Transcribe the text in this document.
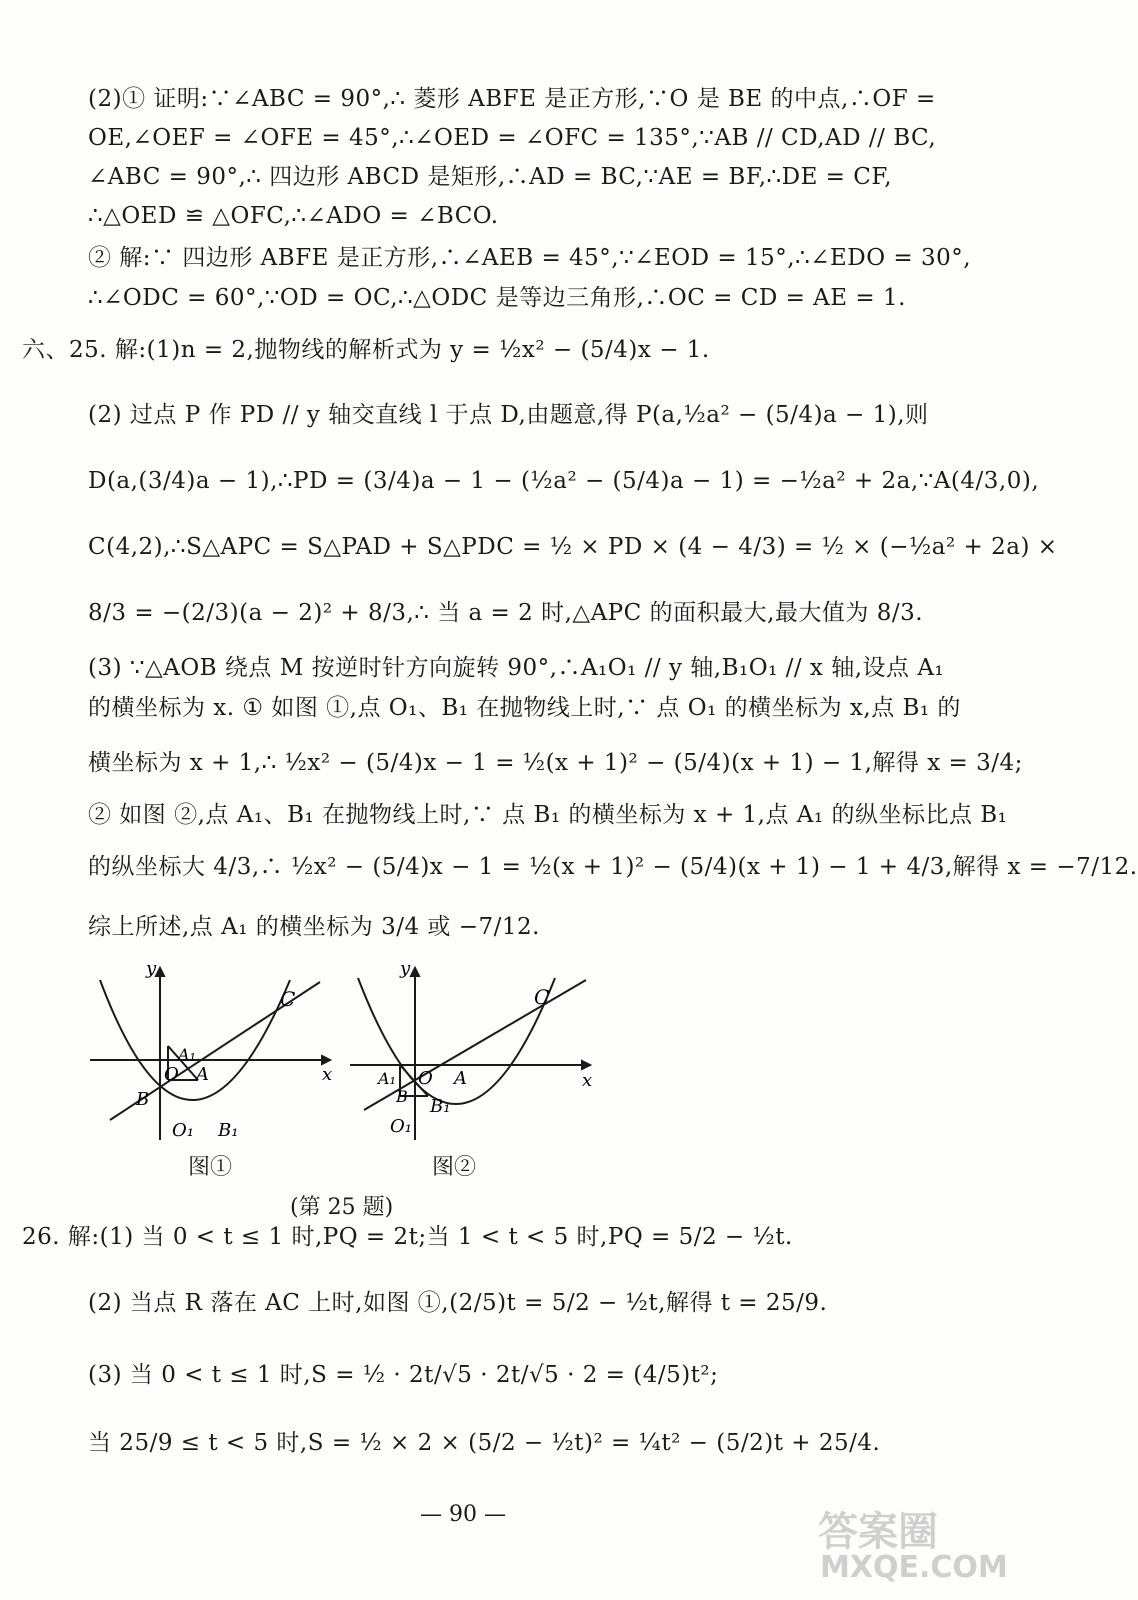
(2)① 证明:∵∠ABC = 90°,∴ 菱形 ABFE 是正方形,∵O 是 BE 的中点,∴OF =
OE,∠OEF = ∠OFE = 45°,∴∠OED = ∠OFC = 135°,∵AB // CD,AD // BC,
∠ABC = 90°,∴ 四边形 ABCD 是矩形,∴AD = BC,∵AE = BF,∴DE = CF,
∴△OED ≌ △OFC,∴∠ADO = ∠BCO.
② 解:∵ 四边形 ABFE 是正方形,∴∠AEB = 45°,∵∠EOD = 15°,∴∠EDO = 30°,
∴∠ODC = 60°,∵OD = OC,∴△ODC 是等边三角形,∴OC = CD = AE = 1.
六、25. 解:(1)n = 2,抛物线的解析式为 y = ½x² − (5/4)x − 1.
(2) 过点 P 作 PD // y 轴交直线 l 于点 D,由题意,得 P(a,½a² − (5/4)a − 1),则
D(a,(3/4)a − 1),∴PD = (3/4)a − 1 − (½a² − (5/4)a − 1) = −½a² + 2a,∵A(4/3,0),
C(4,2),∴S△APC = S△PAD + S△PDC = ½ × PD × (4 − 4/3) = ½ × (−½a² + 2a) ×
8/3 = −(2/3)(a − 2)² + 8/3,∴ 当 a = 2 时,△APC 的面积最大,最大值为 8/3.
(3) ∵△AOB 绕点 M 按逆时针方向旋转 90°,∴A₁O₁ // y 轴,B₁O₁ // x 轴,设点 A₁
的横坐标为 x. ① 如图 ①,点 O₁、B₁ 在抛物线上时,∵ 点 O₁ 的横坐标为 x,点 B₁ 的
横坐标为 x + 1,∴ ½x² − (5/4)x − 1 = ½(x + 1)² − (5/4)(x + 1) − 1,解得 x = 3/4;
② 如图 ②,点 A₁、B₁ 在抛物线上时,∵ 点 B₁ 的横坐标为 x + 1,点 A₁ 的纵坐标比点 B₁
的纵坐标大 4/3,∴ ½x² − (5/4)x − 1 = ½(x + 1)² − (5/4)(x + 1) − 1 + 4/3,解得 x = −7/12.
综上所述,点 A₁ 的横坐标为 3/4 或 −7/12.
y
x
C
O
A₁
A
B
O₁ B₁
图①
y
x
C
O
A₁	A
B
O₁
B₁
图②
(第 25 题)
26. 解:(1) 当 0 < t ≤ 1 时,PQ = 2t;当 1 < t < 5 时,PQ = 5/2 − ½t.
(2) 当点 R 落在 AC 上时,如图 ①,(2/5)t = 5/2 − ½t,解得 t = 25/9.
(3) 当 0 < t ≤ 1 时,S = ½ · 2t/√5 · 2t/√5 · 2 = (4/5)t²;
当 25/9 ≤ t < 5 时,S = ½ × 2 × (5/2 − ½t)² = ¼t² − (5/2)t + 25/4.
— 90 —	答案圈
MXQE.COM
